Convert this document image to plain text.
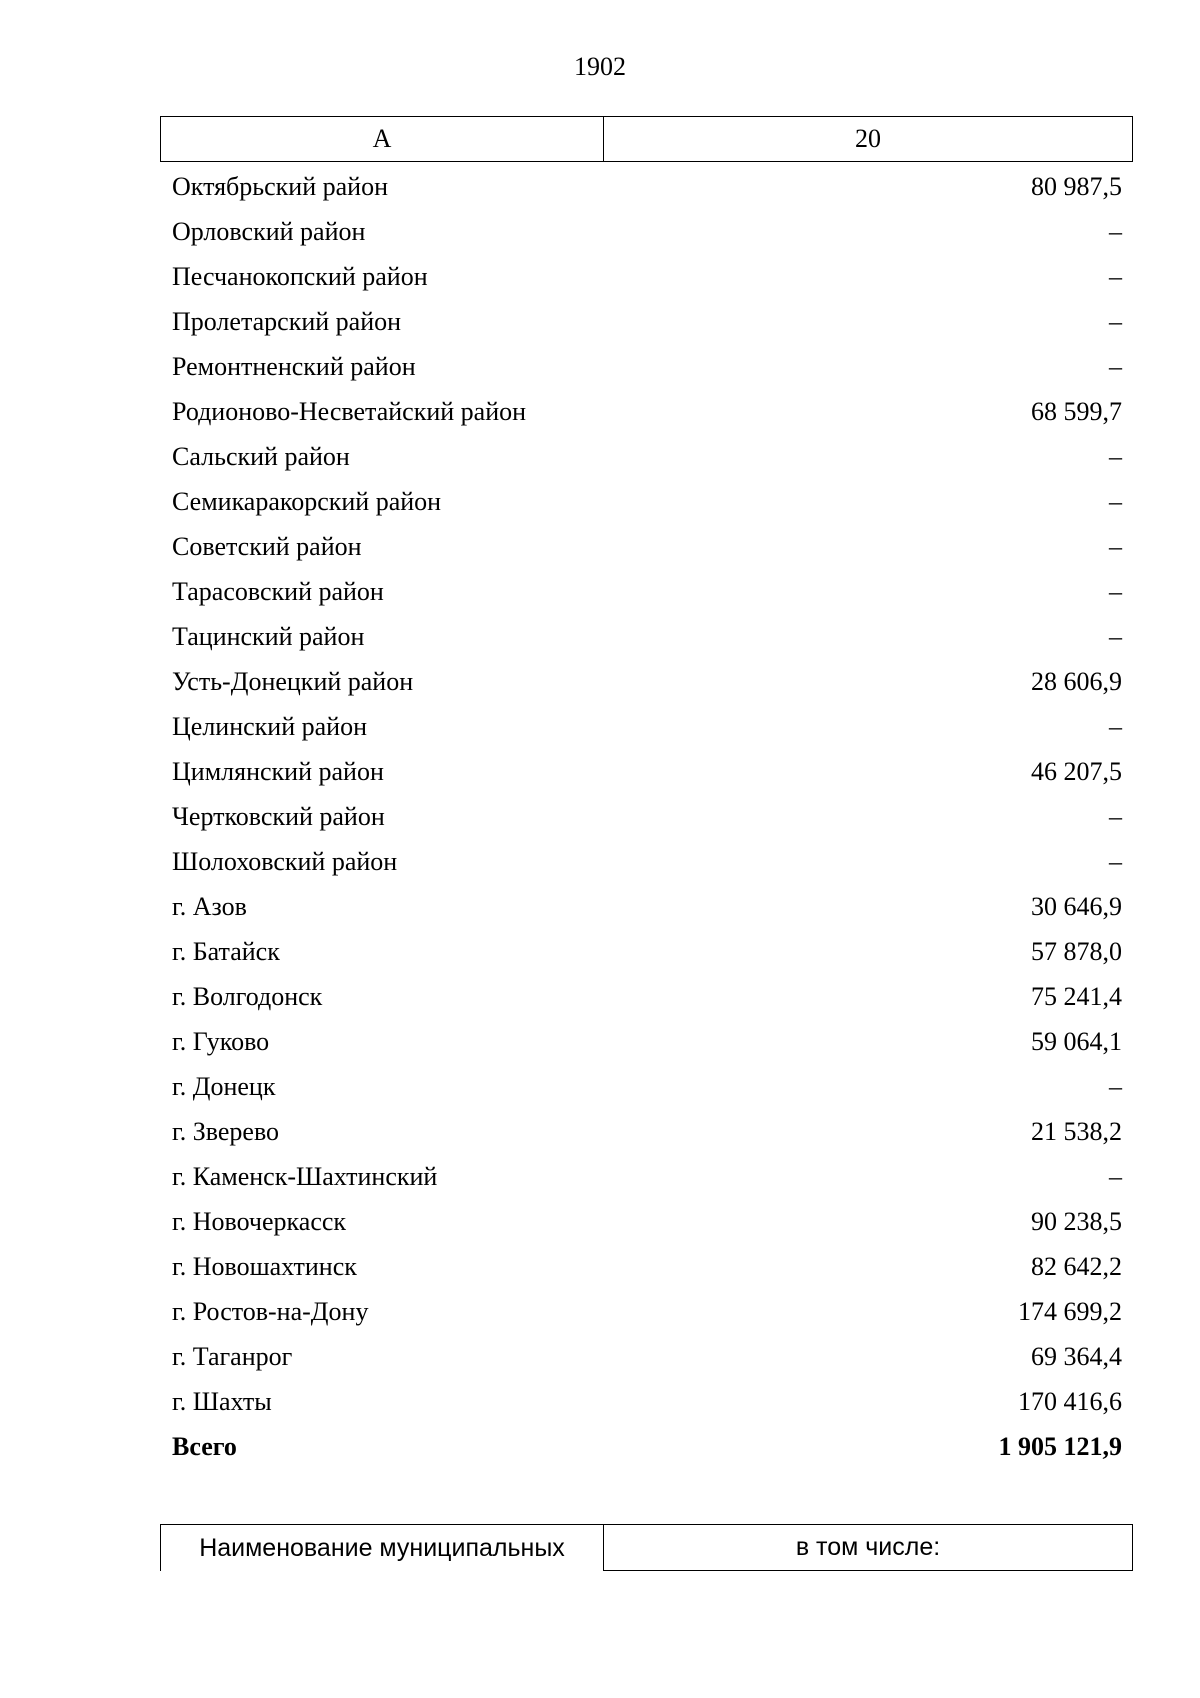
1902
А	20
Октябрьский район	80 987,5
Орловский район	–
Песчанокопский район	–
Пролетарский район	–
Ремонтненский район	–
Родионово-Несветайский район	68 599,7
Сальский район	–
Семикаракорский район	–
Советский район	–
Тарасовский район	–
Тацинский район	–
Усть-Донецкий район	28 606,9
Целинский район	–
Цимлянский район	46 207,5
Чертковский район	–
Шолоховский район	–
г. Азов	30 646,9
г. Батайск	57 878,0
г. Волгодонск	75 241,4
г. Гуково	59 064,1
г. Донецк	–
г. Зверево	21 538,2
г. Каменск-Шахтинский	–
г. Новочеркасск	90 238,5
г. Новошахтинск	82 642,2
г. Ростов-на-Дону	174 699,2
г. Таганрог	69 364,4
г. Шахты	170 416,6
Всего	1 905 121,9
Наименование муниципальных	в том числе:
